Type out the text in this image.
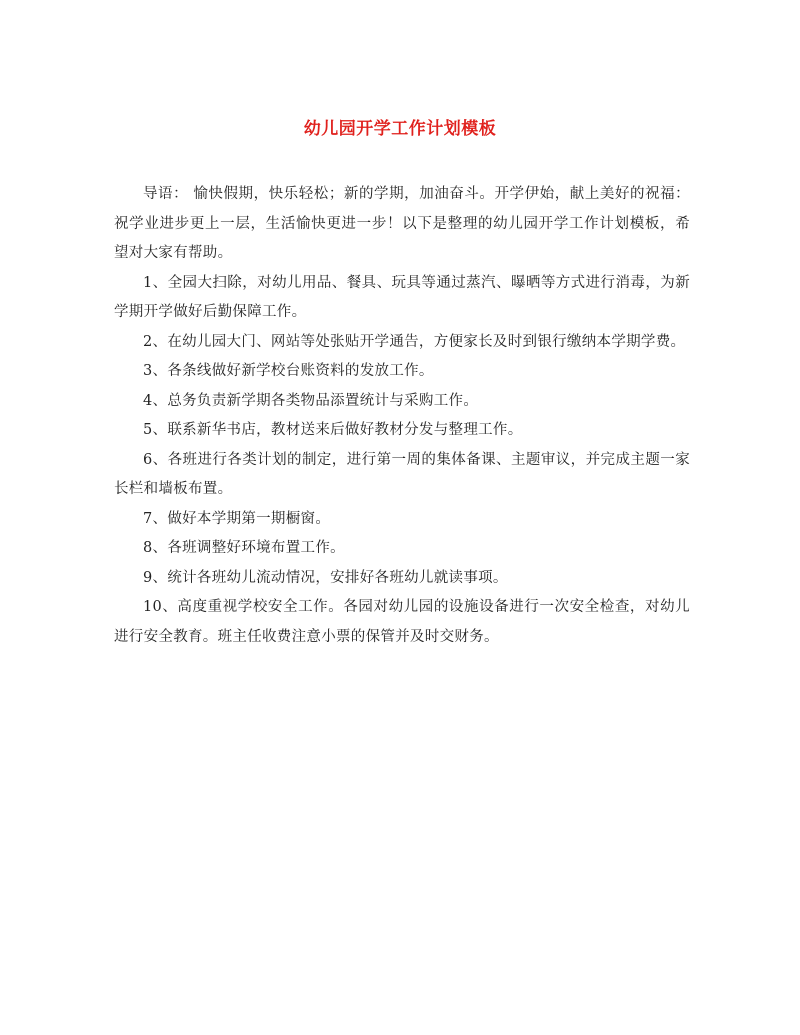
幼儿园开学工作计划模板

导语： 愉快假期，快乐轻松；新的学期，加油奋斗。开学伊始，献上美好的祝福：祝学业进步更上一层，生活愉快更进一步！以下是整理的幼儿园开学工作计划模板，希望对大家有帮助。

1、全园大扫除，对幼儿用品、餐具、玩具等通过蒸汽、曝晒等方式进行消毒，为新学期开学做好后勤保障工作。

2、在幼儿园大门、网站等处张贴开学通告，方便家长及时到银行缴纳本学期学费。

3、各条线做好新学校台账资料的发放工作。

4、总务负责新学期各类物品添置统计与采购工作。

5、联系新华书店，教材送来后做好教材分发与整理工作。

6、各班进行各类计划的制定，进行第一周的集体备课、主题审议，并完成主题一家长栏和墙板布置。

7、做好本学期第一期橱窗。

8、各班调整好环境布置工作。

9、统计各班幼儿流动情况，安排好各班幼儿就读事项。

10、高度重视学校安全工作。各园对幼儿园的设施设备进行一次安全检查，对幼儿进行安全教育。班主任收费注意小票的保管并及时交财务。
